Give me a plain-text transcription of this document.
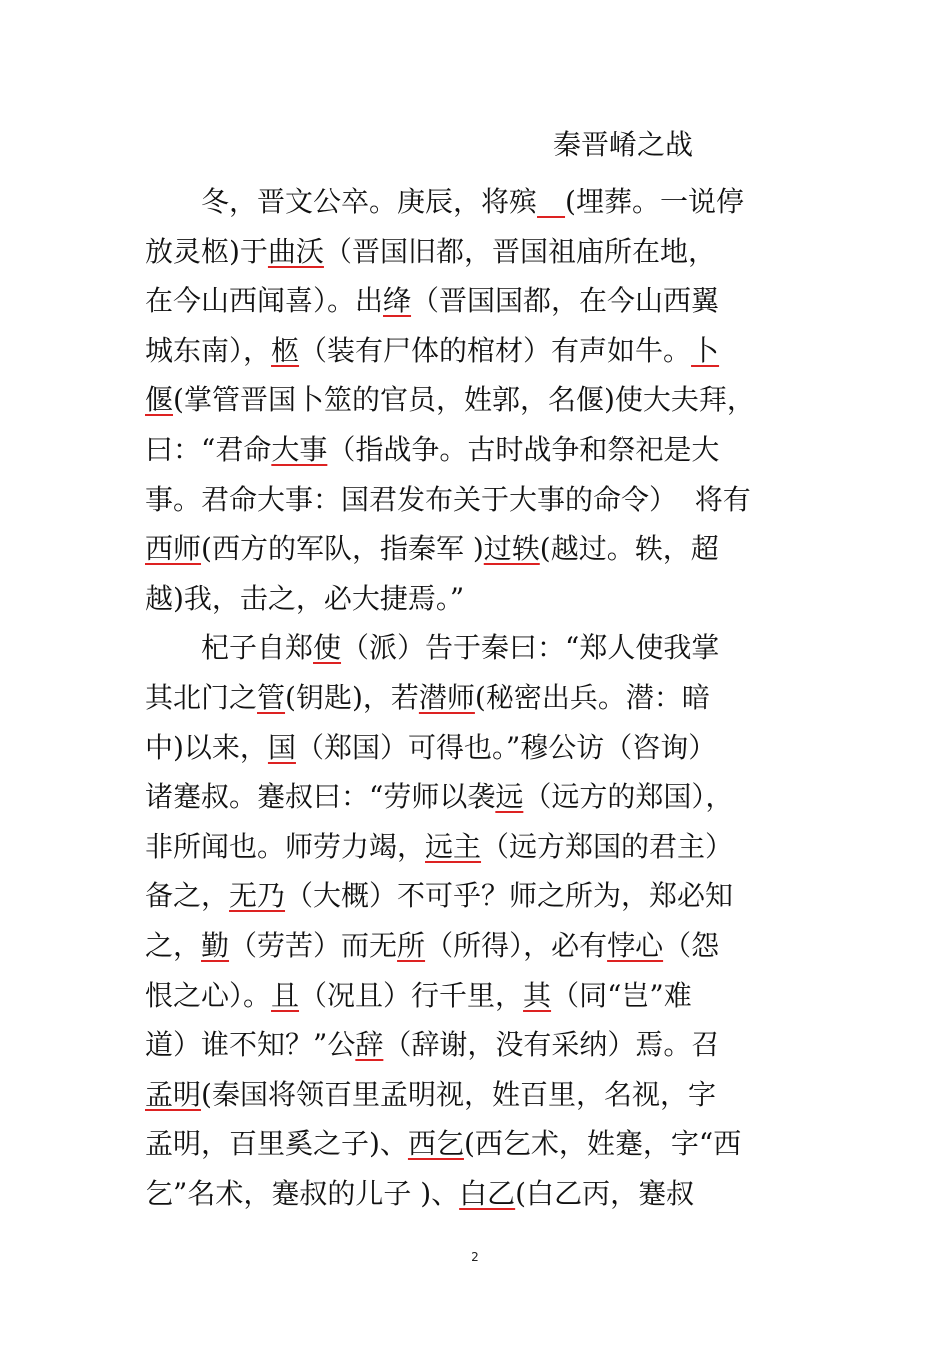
秦晋崤之战
　　冬，晋文公卒。庚辰，将殡　 (埋葬。一说停
放灵柩)于曲沃（晋国旧都，晋国祖庙所在地，
在今山西闻喜）。出绛（晋国国都，在今山西翼
城东南），柩（装有尸体的棺材）有声如牛。卜
偃(掌管晋国卜筮的官员，姓郭，名偃)使大夫拜，
曰：“君命大事（指战争。古时战争和祭祀是大
事。君命大事：国君发布关于大事的命令）  将有
西师(西方的军队，指秦军 )过轶(越过。轶，超
越)我，击之，必大捷焉。”
　　杞子自郑使（派）告于秦曰：“郑人使我掌
其北门之管(钥匙)，若潜师(秘密出兵。潜：暗
中)以来，国（郑国）可得也。”穆公访（咨询）
诸蹇叔。蹇叔曰：“劳师以袭远（远方的郑国），
非所闻也。师劳力竭，远主（远方郑国的君主）
备之，无乃（大概）不可乎？师之所为，郑必知
之，勤（劳苦）而无所（所得），必有悖心（怨
恨之心）。且（况且）行千里，其（同“岂”难
道）谁不知？”公辞（辞谢，没有采纳）焉。召
孟明(秦国将领百里孟明视，姓百里，名视，字
孟明，百里奚之子)、西乞(西乞术，姓蹇，字“西
乞”名术，蹇叔的儿子 )、白乙(白乙丙，蹇叔
2
